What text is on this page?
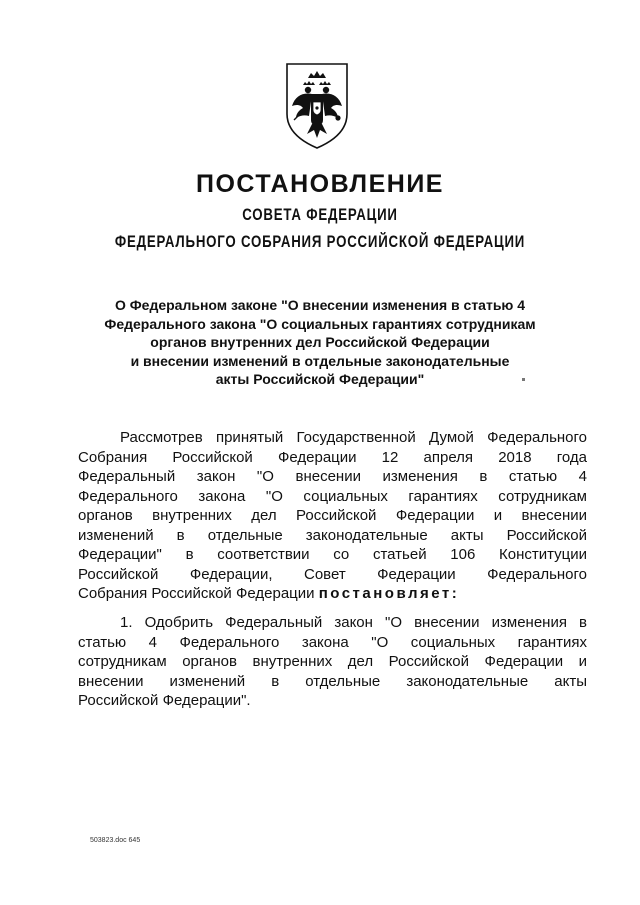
ПОСТАНОВЛЕНИЕ
СОВЕТА ФЕДЕРАЦИИ
ФЕДЕРАЛЬНОГО СОБРАНИЯ РОССИЙСКОЙ ФЕДЕРАЦИИ
О Федеральном законе "О внесении изменения в статью 4
Федерального закона "О социальных гарантиях сотрудникам
органов внутренних дел Российской Федерации
и внесении изменений в отдельные законодательные
акты Российской Федерации"
Рассмотрев принятый Государственной Думой Федерального
Собрания Российской Федерации 12 апреля 2018 года
Федеральный закон "О внесении изменения в статью 4
Федерального закона "О социальных гарантиях сотрудникам
органов внутренних дел Российской Федерации и внесении
изменений в отдельные законодательные акты Российской
Федерации" в соответствии со статьей 106 Конституции
Российской Федерации, Совет Федерации Федерального
Собрания Российской Федерации постановляет:
1. Одобрить Федеральный закон "О внесении изменения в
статью 4 Федерального закона "О социальных гарантиях
сотрудникам органов внутренних дел Российской Федерации и
внесении изменений в отдельные законодательные акты
Российской Федерации".
503823.doc 645
